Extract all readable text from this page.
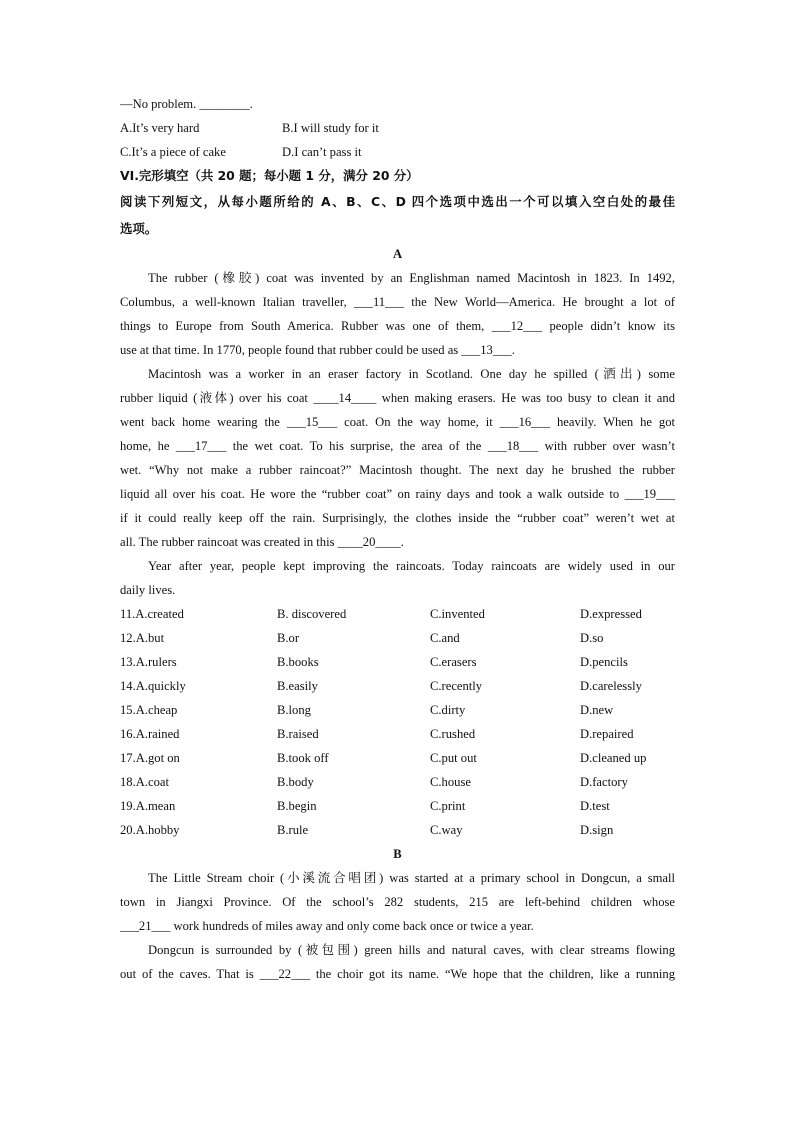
—No problem. ________.
A.It’s very hard	B.I will study for it
C.It’s a piece of cake	D.I can’t pass it
VI.完形填空（共 20 题；每小题 1 分，满分 20 分）
阅读下列短文，从每小题所给的 A、B、C、D 四个选项中选出一个可以填入空白处的最佳
选项。
A
The rubber (橡胶) coat was invented by an Englishman named Macintosh in 1823. In 1492,
Columbus, a well-known Italian traveller, ___11___ the New World—America. He brought a lot of
things to Europe from South America. Rubber was one of them, ___12___ people didn’t know its
use at that time. In 1770, people found that rubber could be used as ___13___.
Macintosh was a worker in an eraser factory in Scotland. One day he spilled (洒出) some
rubber liquid (液体) over his coat ____14____ when making erasers. He was too busy to clean it and
went back home wearing the ___15___ coat. On the way home, it ___16___ heavily. When he got
home, he ___17___ the wet coat. To his surprise, the area of the ___18___ with rubber over wasn’t
wet. “Why not make a rubber raincoat?” Macintosh thought. The next day he brushed the rubber
liquid all over his coat. He wore the “rubber coat” on rainy days and took a walk outside to ___19___
if it could really keep off the rain. Surprisingly, the clothes inside the “rubber coat” weren’t wet at
all. The rubber raincoat was created in this ____20____.
Year after year, people kept improving the raincoats. Today raincoats are widely used in our
daily lives.
11.A.created	B. discovered	C.invented	D.expressed
12.A.but	B.or	C.and	D.so
13.A.rulers	B.books	C.erasers	D.pencils
14.A.quickly	B.easily	C.recently	D.carelessly
15.A.cheap	B.long	C.dirty	D.new
16.A.rained	B.raised	C.rushed	D.repaired
17.A.got on	B.took off	C.put out	D.cleaned up
18.A.coat	B.body	C.house	D.factory
19.A.mean	B.begin	C.print	D.test
20.A.hobby	B.rule	C.way	D.sign
B
The Little Stream choir (小溪流合唱团) was started at a primary school in Dongcun, a small
town in Jiangxi Province. Of the school’s 282 students, 215 are left-behind children whose
___21___ work hundreds of miles away and only come back once or twice a year.
Dongcun is surrounded by (被包围) green hills and natural caves, with clear streams flowing
out of the caves. That is ___22___ the choir got its name. “We hope that the children, like a running
